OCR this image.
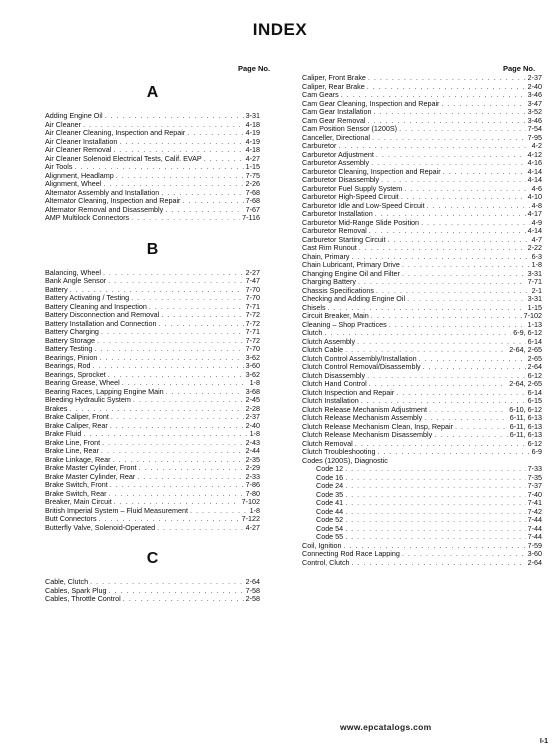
INDEX
Page No.	Page No.
A
Adding Engine Oil . . .	3-31
Air Cleaner . . .	4-18
Air Cleaner Cleaning, Inspection and Repair . . .	4-19
Air Cleaner Installation . . .	4-19
Air Cleaner Removal . . .	4-18
Air Cleaner Solenoid Electrical Tests, Calif. EVAP . . .	4-27
Air Tools . . .	1-15
Alignment, Headlamp . . .	7-75
Alignment, Wheel . . .	2-26
Alternator Assembly and Installation . . .	7-68
Alternator Cleaning, Inspection and Repair . . .	7-68
Alternator Removal and Disassembly . . .	7-67
AMP Multilock Connectors . . .	7-116
B
Balancing, Wheel . . .	2-27
Bank Angle Sensor . . .	7-47
Battery . . .	7-70
Battery Activating / Testing . . .	7-70
Battery Cleaning and Inspection . . .	7-71
Battery Disconnection and Removal . . .	7-72
Battery Installation and Connection . . .	7-72
Battery Charging . . .	7-71
Battery Storage . . .	7-72
Battery Testing . . .	7-70
Bearings, Pinion . . .	3-62
Bearings, Rod . . .	3-60
Bearings, Sprocket . . .	3-62
Bearing Grease, Wheel . . .	1-8
Bearing Races, Lapping Engine Main . . .	3-68
Bleeding Hydraulic System . . .	2-45
Brakes . . .	2-28
Brake Caliper, Front . . .	2-37
Brake Caliper, Rear . . .	2-40
Brake Fluid . . .	1-8
Brake Line, Front . . .	2-43
Brake Line, Rear . . .	2-44
Brake Linkage, Rear . . .	2-35
Brake Master Cylinder, Front . . .	2-29
Brake Master Cylinder, Rear . . .	2-33
Brake Switch, Front . . .	7-86
Brake Switch, Rear . . .	7-80
Breaker, Main Circuit . . .	7-102
British Imperial System – Fluid Measurement . . .	1-8
Butt Connectors . . .	7-122
Butterfly Valve, Solenoid-Operated . . .	4-27
C
Cable, Clutch . . .	2-64
Cables, Spark Plug . . .	7-58
Cables, Throttle Control . . .	2-58
Caliper, Front Brake . . .	2-37
Caliper, Rear Brake . . .	2-40
Cam Gears . . .	3-46
Cam Gear Cleaning, Inspection and Repair . . .	3-47
Cam Gear Installation . . .	3-52
Cam Gear Removal . . .	3-46
Cam Position Sensor (1200S) . . .	7-54
Canceller, Directional . . .	7-95
Carburetor . . .	4-2
Carburetor Adjustment . . .	4-12
Carburetor Assembly . . .	4-16
Carburetor Cleaning, Inspection and Repair . . .	4-14
Carburetor Disassembly . . .	4-14
Carburetor Fuel Supply System . . .	4-6
Carburetor High-Speed Circuit . . .	4-10
Carburetor Idle and Low-Speed Circuit . . .	4-8
Carburetor Installation . . .	4-17
Carburetor Mid-Range Slide Position . . .	4-9
Carburetor Removal . . .	4-14
Carburetor Starting Circuit . . .	4-7
Cast Rim Runout . . .	2-22
Chain, Primary . . .	6-3
Chain Lubricant, Primary Drive . . .	1-8
Changing Engine Oil and Filter . . .	3-31
Charging Battery . . .	7-71
Chassis Specifications . . .	2-1
Checking and Adding Engine Oil . . .	3-31
Chisels . . .	1-15
Circuit Breaker, Main . . .	7-102
Cleaning – Shop Practices . . .	1-13
Clutch . . .	6-9, 6-12
Clutch Assembly . . .	6-14
Clutch Cable . . .	2-64, 2-65
Clutch Control Assembly/Installation . . .	2-65
Clutch Control Removal/Disassembly . . .	2-64
Clutch Disassembly . . .	6-12
Clutch Hand Control . . .	2-64, 2-65
Clutch Inspection and Repair . . .	6-14
Clutch Installation . . .	6-15
Clutch Release Mechanism Adjustment . . .	6-10, 6-12
Clutch Release Mechanism Assembly . . .	6-11, 6-13
Clutch Release Mechanism Clean, Insp, Repair . . .	6-11, 6-13
Clutch Release Mechanism Disassembly . . .	6-11, 6-13
Clutch Removal . . .	6-12
Clutch Troubleshooting . . .	6-9
Codes (1200S), Diagnostic
Code 12 . . .	7-33
Code 16 . . .	7-35
Code 24 . . .	7-37
Code 35 . . .	7-40
Code 41 . . .	7-41
Code 44 . . .	7-42
Code 52 . . .	7-44
Code 54 . . .	7-44
Code 55 . . .	7-44
Coil, Ignition . . .	7-59
Connecting Rod Race Lapping . . .	3-60
Control, Clutch . . .	2-64
www.epcatalogs.com
I-1
